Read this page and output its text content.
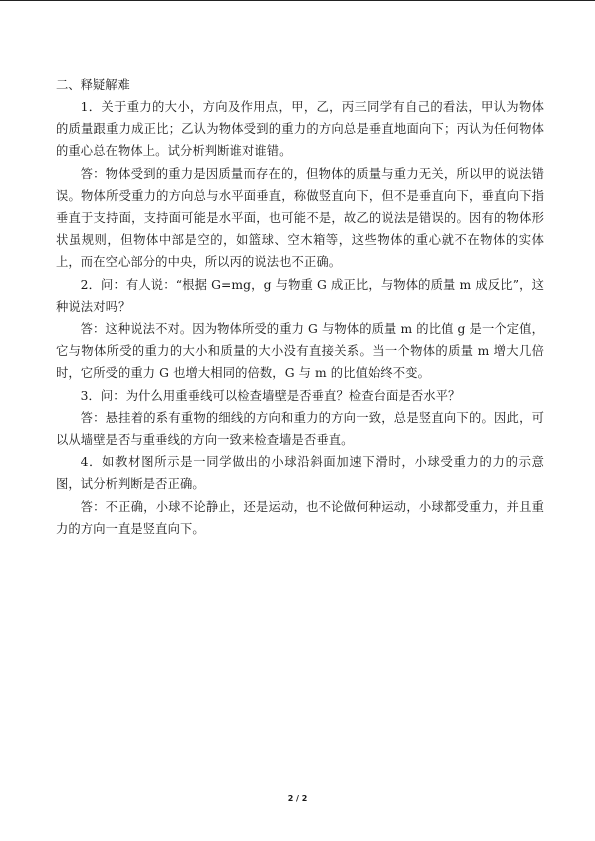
二、释疑解难

1．关于重力的大小，方向及作用点，甲，乙，丙三同学有自己的看法，甲认为物体的质量跟重力成正比；乙认为物体受到的重力的方向总是垂直地面向下；丙认为任何物体的重心总在物体上。试分析判断谁对谁错。

答：物体受到的重力是因质量而存在的，但物体的质量与重力无关，所以甲的说法错误。物体所受重力的方向总与水平面垂直，称做竖直向下，但不是垂直向下，垂直向下指垂直于支持面，支持面可能是水平面，也可能不是，故乙的说法是错误的。因有的物体形状虽规则，但物体中部是空的，如篮球、空木箱等，这些物体的重心就不在物体的实体上，而在空心部分的中央，所以丙的说法也不正确。

2．问：有人说：“根据 G=mg，g 与物重 G 成正比，与物体的质量 m 成反比”，这种说法对吗？

答：这种说法不对。因为物体所受的重力 G 与物体的质量 m 的比值 g 是一个定值，它与物体所受的重力的大小和质量的大小没有直接关系。当一个物体的质量 m 增大几倍时，它所受的重力 G 也增大相同的倍数，G 与 m 的比值始终不变。

3．问：为什么用重垂线可以检查墙壁是否垂直？检查台面是否水平？

答：悬挂着的系有重物的细线的方向和重力的方向一致，总是竖直向下的。因此，可以从墙壁是否与重垂线的方向一致来检查墙是否垂直。

4．如教材图所示是一同学做出的小球沿斜面加速下滑时，小球受重力的力的示意图，试分析判断是否正确。

答：不正确，小球不论静止，还是运动，也不论做何种运动，小球都受重力，并且重力的方向一直是竖直向下。

2 / 2
